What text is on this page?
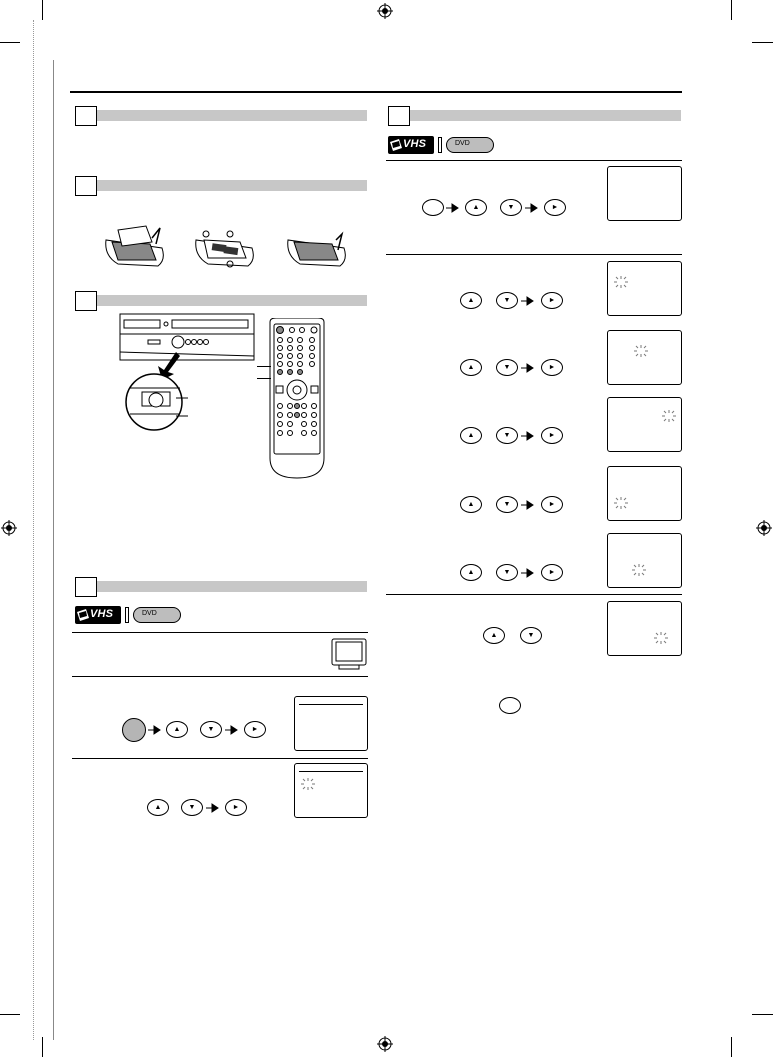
VHS	DVD
▲	▼	►
▲	▼	►
VHS	DVD
▲	▼	►
▲	▼	►
▲	▼	►
▲	▼	►
▲	▼	►
▲	▼	►
▲	▼
